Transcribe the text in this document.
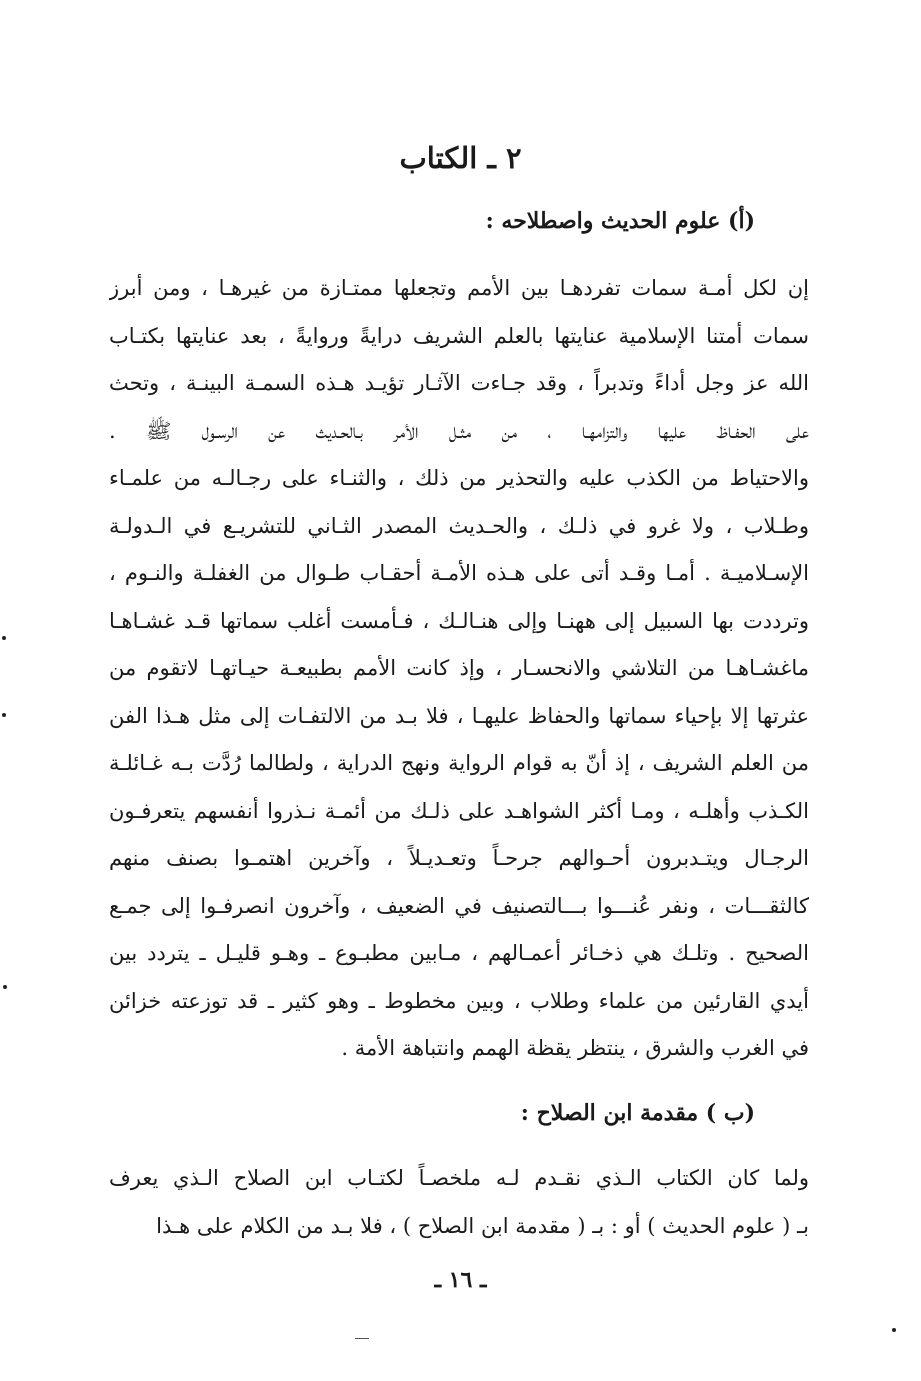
٢ ـ الكتاب
(أ) علوم الحديث واصطلاحه :
إن لكل أمـة سمات تفردهـا بين الأمم وتجعلها ممتـازة من غيرهـا ، ومن أبرز
سمات أمتنا الإسلامية عنايتها بالعلم الشريف درايةً وروايةً ، بعد عنايتها بكتـاب
الله عز وجل أداءً وتدبراً ، وقد جـاءت الآثـار تؤيـد هـذه السمـة البينـة ، وتحث
على الحفـاظ عليها والتزامهـا ، من مثـل الأمر بـالحـديث عن الرسـول ﷺ .
والاحتياط من الكذب عليه والتحذير من ذلك ، والثنـاء على رجـالـه من علمـاء
وطـلاب ، ولا غرو في ذلـك ، والحـديث المصدر الثـاني للتشريـع في الـدولـة
الإسـلاميـة . أمـا وقـد أتى على هـذه الأمـة أحقـاب طـوال من الغفلـة والنـوم ،
وترددت بها السبيل إلى ههنـا وإلى هنـالـك ، فـأمست أغلب سماتها قـد غشـاهـا
ماغشـاهـا من التلاشي والانحسـار ، وإذ كانت الأمم بطبيعـة حيـاتهـا لاتقوم من
عثرتها إلا بإحياء سماتها والحفاظ عليهـا ، فلا بـد من الالتفـات إلى مثل هـذا الفن
من العلم الشريف ، إذ أنّ به قوام الرواية ونهج الدراية ، ولطالما رُدَّت بـه غـائلـة
الكـذب وأهلـه ، ومـا أكثر الشواهـد على ذلـك من أئمـة نـذروا أنفسهم يتعرفـون
الرجـال ويتـدبرون أحـوالهم جرحـاً وتعـديـلاً ، وآخرين اهتمـوا بصنف منهم
كالثقـــات ، ونفر عُنـــوا بـــالتصنيف في الضعيف ، وآخرون انصرفـوا إلى جمـع
الصحيح . وتلـك هي ذخـائر أعمـالهم ، مـابين مطبـوع ـ وهـو قليـل ـ يتردد بين
أيدي القارئين من علماء وطلاب ، وبين مخطوط ـ وهو كثير ـ قد توزعته خزائن
في الغرب والشرق ، ينتظر يقظة الهمم وانتباهة الأمة .
(ب ) مقدمة ابن الصلاح :
ولما كان الكتاب الـذي نقـدم لـه ملخصـاً لكتـاب ابن الصلاح الـذي يعرف
بـ ( علوم الحديث ) أو : بـ ( مقدمة ابن الصلاح ) ، فلا بـد من الكلام على هـذا
ـ ١٦ ـ
